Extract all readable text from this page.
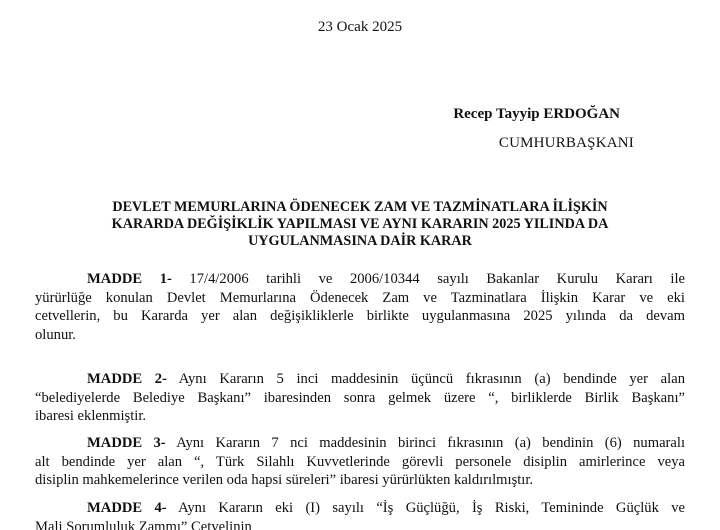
23 Ocak 2025
Recep Tayyip ERDOĞAN
CUMHURBAŞKANI
DEVLET MEMURLARINA ÖDENECEK ZAM VE TAZMİNATLARA İLİŞKİN
KARARDA DEĞİŞİKLİK YAPILMASI VE AYNI KARARIN 2025 YILINDA DA
UYGULANMASINA DAİR KARAR
MADDE 1- 17/4/2006 tarihli ve 2006/10344 sayılı Bakanlar Kurulu Kararı ile
yürürlüğe konulan Devlet Memurlarına Ödenecek Zam ve Tazminatlara İlişkin Karar ve eki
cetvellerin, bu Kararda yer alan değişikliklerle birlikte uygulanmasına 2025 yılında da devam
olunur.
MADDE 2- Aynı Kararın 5 inci maddesinin üçüncü fıkrasının (a) bendinde yer alan
“belediyelerde Belediye Başkanı” ibaresinden sonra gelmek üzere “, birliklerde Birlik Başkanı”
ibaresi eklenmiştir.
MADDE 3- Aynı Kararın 7 nci maddesinin birinci fıkrasının (a) bendinin (6) numaralı
alt bendinde yer alan “, Türk Silahlı Kuvvetlerinde görevli personele disiplin amirlerince veya
disiplin mahkemelerince verilen oda hapsi süreleri” ibaresi yürürlükten kaldırılmıştır.
MADDE 4- Aynı Kararın eki (I) sayılı “İş Güçlüğü, İş Riski, Temininde Güçlük ve
Mali Sorumluluk Zammı” Cetvelinin
